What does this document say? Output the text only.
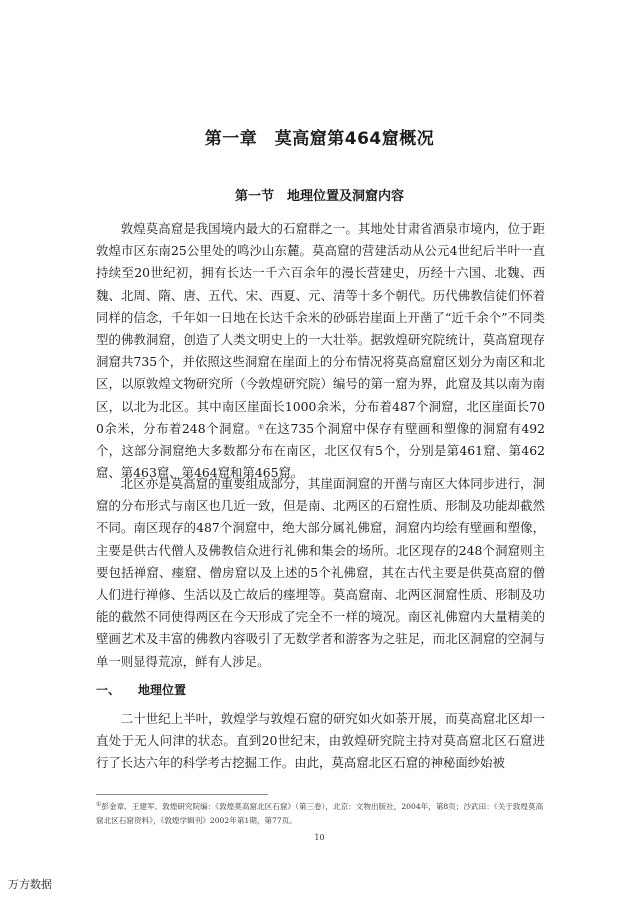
第一章　莫高窟第464窟概况
第一节　地理位置及洞窟内容

敦煌莫高窟是我国境内最大的石窟群之一。其地处甘肃省酒泉市境内，位于距敦煌市区东南25公里处的鸣沙山东麓。莫高窟的营建活动从公元4世纪后半叶一直持续至20世纪初，拥有长达一千六百余年的漫长营建史，历经十六国、北魏、西魏、北周、隋、唐、五代、宋、西夏、元、清等十多个朝代。历代佛教信徒们怀着同样的信念，千年如一日地在长达千余米的砂砾岩崖面上开凿了“近千余个”不同类型的佛教洞窟，创造了人类文明史上的一大壮举。据敦煌研究院统计，莫高窟现存洞窟共735个，并依照这些洞窟在崖面上的分布情况将莫高窟窟区划分为南区和北区，以原敦煌文物研究所（今敦煌研究院）编号的第一窟为界，此窟及其以南为南区，以北为北区。其中南区崖面长1000余米，分布着487个洞窟，北区崖面长700余米，分布着248个洞窟。①在这735个洞窟中保存有壁画和塑像的洞窟有492个，这部分洞窟绝大多数都分布在南区，北区仅有5个，分别是第461窟、第462窟、第463窟、第464窟和第465窟。

北区亦是莫高窟的重要组成部分，其崖面洞窟的开凿与南区大体同步进行，洞窟的分布形式与南区也几近一致，但是南、北两区的石窟性质、形制及功能却截然不同。南区现存的487个洞窟中，绝大部分属礼佛窟，洞窟内均绘有壁画和塑像，主要是供古代僧人及佛教信众进行礼佛和集会的场所。北区现存的248个洞窟则主要包括禅窟、瘗窟、僧房窟以及上述的5个礼佛窟，其在古代主要是供莫高窟的僧人们进行禅修、生活以及亡故后的瘗埋等。莫高窟南、北两区洞窟性质、形制及功能的截然不同使得两区在今天形成了完全不一样的境况。南区礼佛窟内大量精美的壁画艺术及丰富的佛教内容吸引了无数学者和游客为之驻足，而北区洞窟的空洞与单一则显得荒凉，鲜有人涉足。

一、 地理位置

二十世纪上半叶，敦煌学与敦煌石窟的研究如火如荼开展，而莫高窟北区却一直处于无人问津的状态。直到20世纪末，由敦煌研究院主持对莫高窟北区石窟进行了长达六年的科学考古挖掘工作。由此，莫高窟北区石窟的神秘面纱始被

①彭金章、王建军、敦煌研究院编：《敦煌莫高窟北区石窟》（第三卷），北京：文物出版社，2004年，第8页；沙武田：《关于敦煌莫高窟北区石窟资料》，《敦煌学辑刊》2002年第1期，第77页。

10
万方数据
